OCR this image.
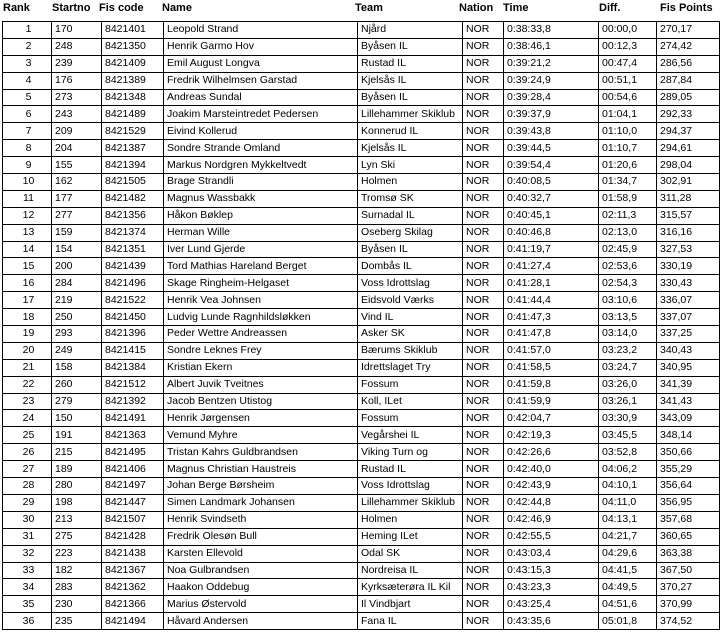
Rank Startno Fis code Name	Team	Nation Time	Diff.	Fis Points
1	170	8421401	Leopold Strand	Njård	NOR	0:38:33,8	00:00,0	270,17
2	248	8421350	Henrik Garmo Hov	Byåsen IL	NOR	0:38:46,1	00:12,3	274,42
3	239	8421409	Emil August Longva	Rustad IL	NOR	0:39:21,2	00:47,4	286,56
4	176	8421389	Fredrik Wilhelmsen Garstad	Kjelsås IL	NOR	0:39:24,9	00:51,1	287,84
5	273	8421348	Andreas Sundal	Byåsen IL	NOR	0:39:28,4	00:54,6	289,05
6	243	8421489	Joakim Marsteintredet Pedersen	Lillehammer Skiklub	NOR	0:39:37,9	01:04,1	292,33
7	209	8421529	Eivind Kollerud	Konnerud IL	NOR	0:39:43,8	01:10,0	294,37
8	204	8421387	Sondre Strande Omland	Kjelsås IL	NOR	0:39:44,5	01:10,7	294,61
9	155	8421394	Markus Nordgren Mykkeltvedt	Lyn Ski	NOR	0:39:54,4	01:20,6	298,04
10	162	8421505	Brage Strandli	Holmen	NOR	0:40:08,5	01:34,7	302,91
11	177	8421482	Magnus Wassbakk	Tromsø SK	NOR	0:40:32,7	01:58,9	311,28
12	277	8421356	Håkon Bøklep	Surnadal IL	NOR	0:40:45,1	02:11,3	315,57
13	159	8421374	Herman Wille	Oseberg Skilag	NOR	0:40:46,8	02:13,0	316,16
14	154	8421351	Iver Lund Gjerde	Byåsen IL	NOR	0:41:19,7	02:45,9	327,53
15	200	8421439	Tord Mathias Hareland Berget	Dombås IL	NOR	0:41:27,4	02:53,6	330,19
16	284	8421496	Skage Ringheim-Helgaset	Voss Idrottslag	NOR	0:41:28,1	02:54,3	330,43
17	219	8421522	Henrik Vea Johnsen	Eidsvold Værks	NOR	0:41:44,4	03:10,6	336,07
18	250	8421450	Ludvig Lunde Ragnhildsløkken	Vind IL	NOR	0:41:47,3	03:13,5	337,07
19	293	8421396	Peder Wettre Andreassen	Asker SK	NOR	0:41:47,8	03:14,0	337,25
20	249	8421415	Sondre Leknes Frey	Bærums Skiklub	NOR	0:41:57,0	03:23,2	340,43
21	158	8421384	Kristian Ekern	Idrettslaget Try	NOR	0:41:58,5	03:24,7	340,95
22	260	8421512	Albert Juvik Tveitnes	Fossum	NOR	0:41:59,8	03:26,0	341,39
23	279	8421392	Jacob Bentzen Utistog	Koll, ILet	NOR	0:41:59,9	03:26,1	341,43
24	150	8421491	Henrik Jørgensen	Fossum	NOR	0:42:04,7	03:30,9	343,09
25	191	8421363	Vemund Myhre	Vegårshei IL	NOR	0:42:19,3	03:45,5	348,14
26	215	8421495	Tristan Kahrs Guldbrandsen	Viking Turn og	NOR	0:42:26,6	03:52,8	350,66
27	189	8421406	Magnus Christian Haustreis	Rustad IL	NOR	0:42:40,0	04:06,2	355,29
28	280	8421497	Johan Berge Børsheim	Voss Idrottslag	NOR	0:42:43,9	04:10,1	356,64
29	198	8421447	Simen Landmark Johansen	Lillehammer Skiklub	NOR	0:42:44,8	04:11,0	356,95
30	213	8421507	Henrik Svindseth	Holmen	NOR	0:42:46,9	04:13,1	357,68
31	275	8421428	Fredrik Olesøn Bull	Heming ILet	NOR	0:42:55,5	04:21,7	360,65
32	223	8421438	Karsten Ellevold	Odal SK	NOR	0:43:03,4	04:29,6	363,38
33	182	8421367	Noa Gulbrandsen	Nordreisa IL	NOR	0:43:15,3	04:41,5	367,50
34	283	8421362	Haakon Oddebug	Kyrksæterøra IL Kil	NOR	0:43:23,3	04:49,5	370,27
35	230	8421366	Marius Østervold	Il Vindbjart	NOR	0:43:25,4	04:51,6	370,99
36	235	8421494	Håvard Andersen	Fana IL	NOR	0:43:35,6	05:01,8	374,52
